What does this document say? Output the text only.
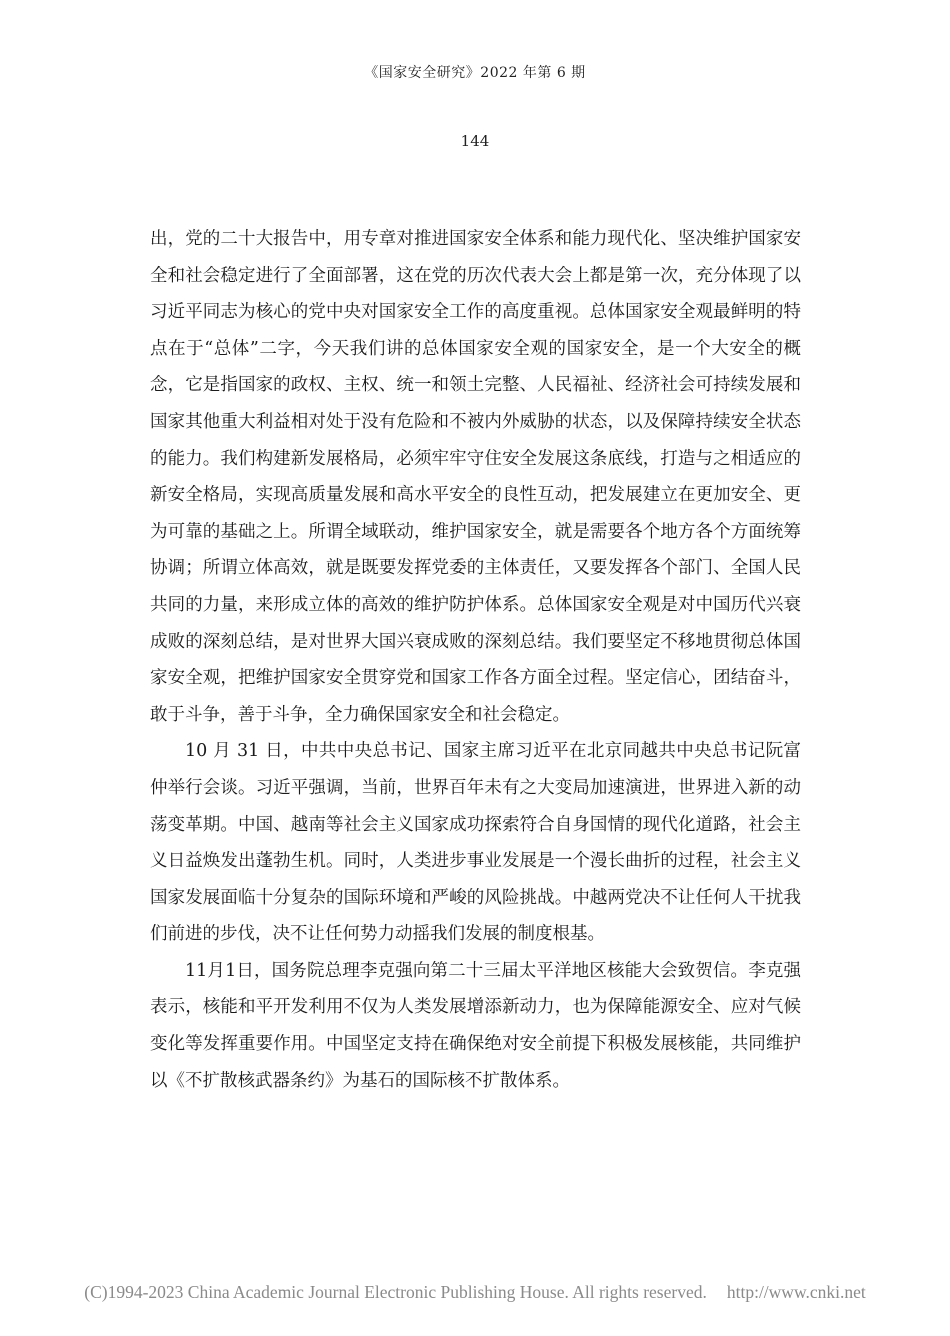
《国家安全研究》2022 年第 6 期
144

出，党的二十大报告中，用专章对推进国家安全体系和能力现代化、坚决维护国家安全和社会稳定进行了全面部署，这在党的历次代表大会上都是第一次，充分体现了以习近平同志为核心的党中央对国家安全工作的高度重视。总体国家安全观最鲜明的特点在于“总体”二字，今天我们讲的总体国家安全观的国家安全，是一个大安全的概念，它是指国家的政权、主权、统一和领土完整、人民福祉、经济社会可持续发展和国家其他重大利益相对处于没有危险和不被内外威胁的状态，以及保障持续安全状态的能力。我们构建新发展格局，必须牢牢守住安全发展这条底线，打造与之相适应的新安全格局，实现高质量发展和高水平安全的良性互动，把发展建立在更加安全、更为可靠的基础之上。所谓全域联动，维护国家安全，就是需要各个地方各个方面统筹协调；所谓立体高效，就是既要发挥党委的主体责任，又要发挥各个部门、全国人民共同的力量，来形成立体的高效的维护防护体系。总体国家安全观是对中国历代兴衰成败的深刻总结，是对世界大国兴衰成败的深刻总结。我们要坚定不移地贯彻总体国家安全观，把维护国家安全贯穿党和国家工作各方面全过程。坚定信心，团结奋斗，敢于斗争，善于斗争，全力确保国家安全和社会稳定。

10 月 31 日，中共中央总书记、国家主席习近平在北京同越共中央总书记阮富仲举行会谈。习近平强调，当前，世界百年未有之大变局加速演进，世界进入新的动荡变革期。中国、越南等社会主义国家成功探索符合自身国情的现代化道路，社会主义日益焕发出蓬勃生机。同时，人类进步事业发展是一个漫长曲折的过程，社会主义国家发展面临十分复杂的国际环境和严峻的风险挑战。中越两党决不让任何人干扰我们前进的步伐，决不让任何势力动摇我们发展的制度根基。

11月1日，国务院总理李克强向第二十三届太平洋地区核能大会致贺信。李克强表示，核能和平开发利用不仅为人类发展增添新动力，也为保障能源安全、应对气候变化等发挥重要作用。中国坚定支持在确保绝对安全前提下积极发展核能，共同维护以《不扩散核武器条约》为基石的国际核不扩散体系。

(C)1994-2023 China Academic Journal Electronic Publishing House. All rights reserved. http://www.cnki.net
